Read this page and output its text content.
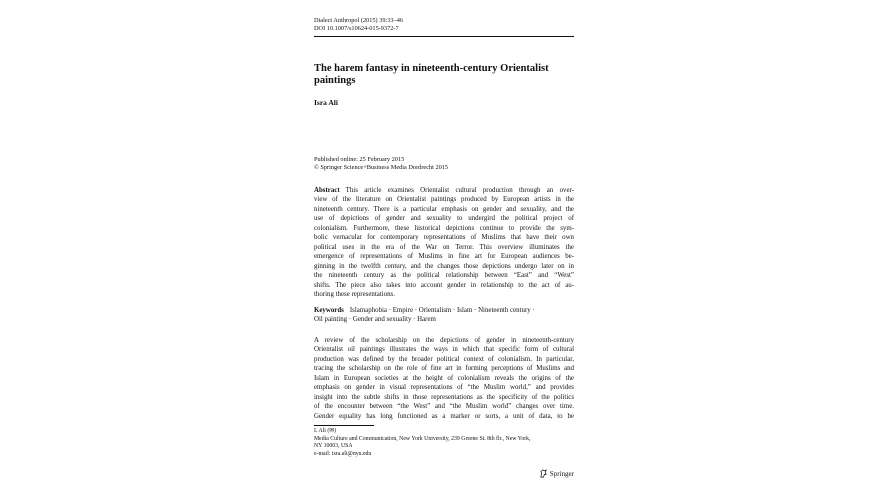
Dialect Anthropol (2015) 39:33–46
DOI 10.1007/s10624-015-9372-7
The harem fantasy in nineteenth-century Orientalist paintings
Isra Ali
Published online: 25 February 2015
© Springer Science+Business Media Dordrecht 2015
Abstract This article examines Orientalist cultural production through an over-
view of the literature on Orientalist paintings produced by European artists in the
nineteenth century. There is a particular emphasis on gender and sexuality, and the
use of depictions of gender and sexuality to undergird the political project of
colonialism. Furthermore, these historical depictions continue to provide the sym-
bolic vernacular for contemporary representations of Muslims that have their own
political uses in the era of the War on Terror. This overview illuminates the
emergence of representations of Muslims in fine art for European audiences be-
ginning in the twelfth century, and the changes those depictions undergo later on in
the nineteenth century as the political relationship between “East” and “West”
shifts. The piece also takes into account gender in relationship to the act of au-
thoring these representations.
Keywords Islamaphobia · Empire · Orientalism · Islam · Nineteenth century ·
Oil painting · Gender and sexuality · Harem
A review of the scholarship on the depictions of gender in nineteenth-century
Orientalist oil paintings illustrates the ways in which that specific form of cultural
production was defined by the broader political context of colonialism. In particular,
tracing the scholarship on the role of fine art in forming perceptions of Muslims and
Islam in European societies at the height of colonialism reveals the origins of the
emphasis on gender in visual representations of “the Muslim world,” and provides
insight into the subtle shifts in those representations as the specificity of the politics
of the encounter between “the West” and “the Muslim world” changes over time.
Gender equality has long functioned as a marker or sorts, a unit of data, to be
I. Ali (✉)
Media Culture and Communication, New York University, 239 Greene St. 8th flr., New York,
NY 10003, USA
e-mail: isra.ali@nyu.edu
Springer
